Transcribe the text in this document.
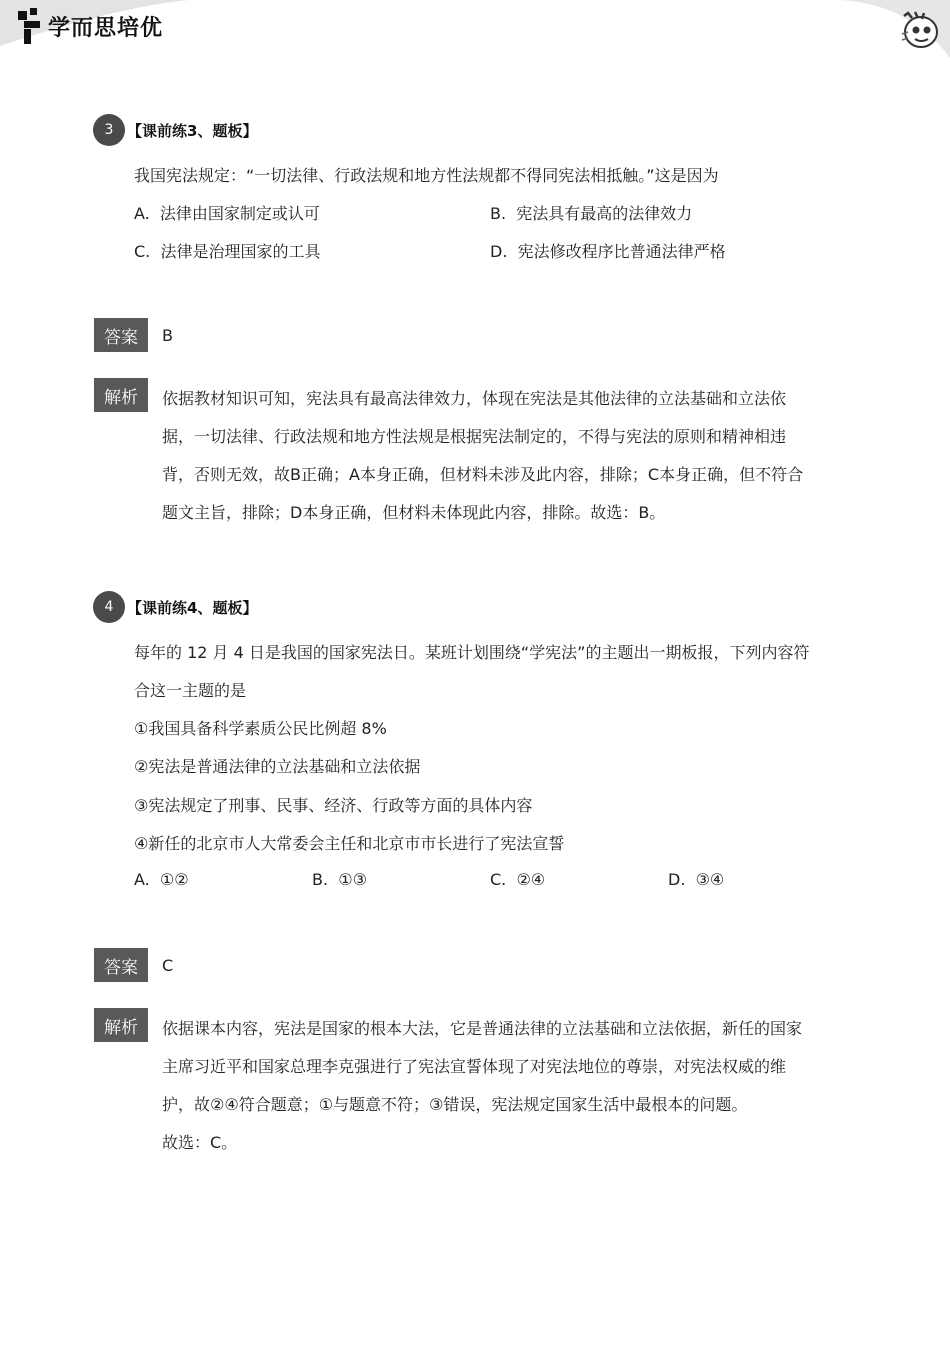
学而思培优
3 【课前练3、题板】
我国宪法规定：“一切法律、行政法规和地方性法规都不得同宪法相抵触。”这是因为
A. 法律由国家制定或认可	B. 宪法具有最高的法律效力
C. 法律是治理国家的工具	D. 宪法修改程序比普通法律严格
答案	B
解析	依据教材知识可知，宪法具有最高法律效力，体现在宪法是其他法律的立法基础和立法依
据，一切法律、行政法规和地方性法规是根据宪法制定的，不得与宪法的原则和精神相违
背，否则无效，故B正确；A本身正确，但材料未涉及此内容，排除；C本身正确，但不符合
题文主旨，排除；D本身正确，但材料未体现此内容，排除。故选：B。
4 【课前练4、题板】
每年的 12 月 4 日是我国的国家宪法日。某班计划围绕“学宪法”的主题出一期板报，下列内容符
合这一主题的是
①我国具备科学素质公民比例超 8%
②宪法是普通法律的立法基础和立法依据
③宪法规定了刑事、民事、经济、行政等方面的具体内容
④新任的北京市人大常委会主任和北京市市长进行了宪法宣誓
A. ①②	B. ①③	C. ②④	D. ③④
答案	C
解析	依据课本内容，宪法是国家的根本大法，它是普通法律的立法基础和立法依据，新任的国家
主席习近平和国家总理李克强进行了宪法宣誓体现了对宪法地位的尊崇，对宪法权威的维
护，故②④符合题意；①与题意不符；③错误，宪法规定国家生活中最根本的问题。
故选：C。
